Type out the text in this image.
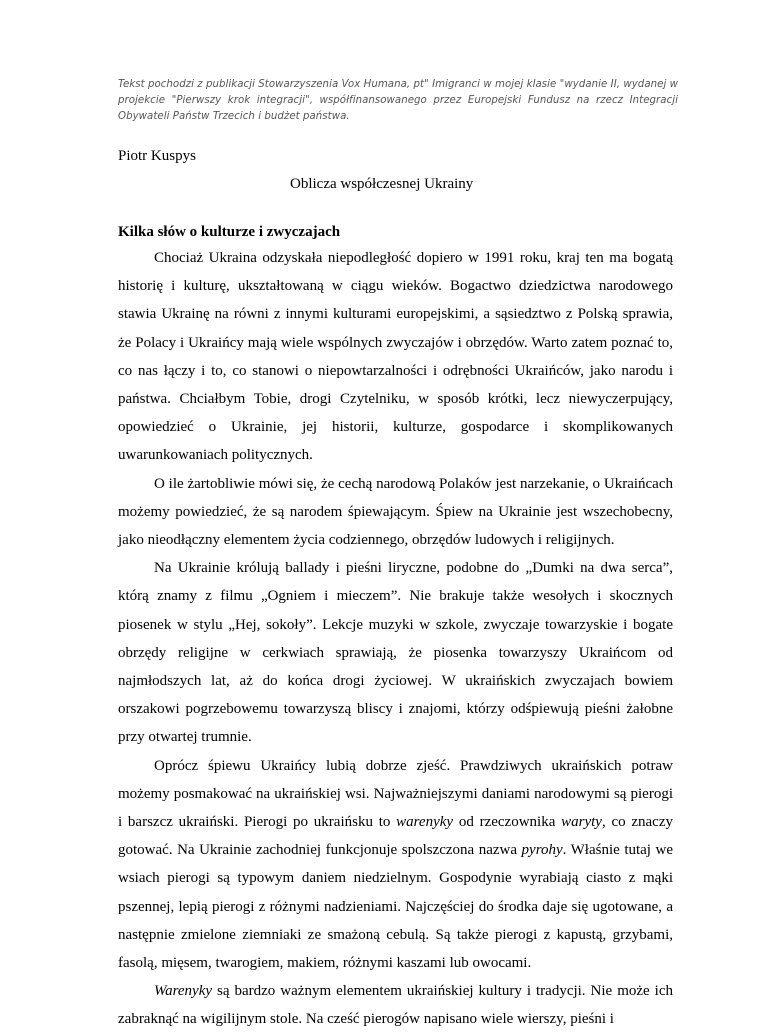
Tekst pochodzi z publikacji Stowarzyszenia Vox Humana, pt" Imigranci w mojej klasie "wydanie II, wydanej w projekcie "Pierwszy krok integracji", współfinansowanego przez Europejski Fundusz na rzecz Integracji Obywateli Państw Trzecich i budżet państwa.
Piotr Kuspys
Oblicza współczesnej Ukrainy
Kilka słów o kulturze i zwyczajach

Chociaż Ukraina odzyskała niepodległość dopiero w 1991 roku, kraj ten ma bogatą historię i kulturę, ukształtowaną w ciągu wieków. Bogactwo dziedzictwa narodowego stawia Ukrainę na równi z innymi kulturami europejskimi, a sąsiedztwo z Polską sprawia, że Polacy i Ukraińcy mają wiele wspólnych zwyczajów i obrzędów. Warto zatem poznać to, co nas łączy i to, co stanowi o niepowtarzalności i odrębności Ukraińców, jako narodu i państwa. Chciałbym Tobie, drogi Czytelniku, w sposób krótki, lecz niewyczerpujący, opowiedzieć o Ukrainie, jej historii, kulturze, gospodarce i skomplikowanych uwarunkowaniach politycznych.

O ile żartobliwie mówi się, że cechą narodową Polaków jest narzekanie, o Ukraińcach możemy powiedzieć, że są narodem śpiewającym. Śpiew na Ukrainie jest wszechobecny, jako nieodłączny elementem życia codziennego, obrzędów ludowych i religijnych.

Na Ukrainie królują ballady i pieśni liryczne, podobne do „Dumki na dwa serca”, którą znamy z filmu „Ogniem i mieczem”. Nie brakuje także wesołych i skocznych piosenek w stylu „Hej, sokoły”. Lekcje muzyki w szkole, zwyczaje towarzyskie i bogate obrzędy religijne w cerkwiach sprawiają, że piosenka towarzyszy Ukraińcom od najmłodszych lat, aż do końca drogi życiowej. W ukraińskich zwyczajach bowiem orszakowi pogrzebowemu towarzyszą bliscy i znajomi, którzy odśpiewują pieśni żałobne przy otwartej trumnie.

Oprócz śpiewu Ukraińcy lubią dobrze zjeść. Prawdziwych ukraińskich potraw możemy posmakować na ukraińskiej wsi. Najważniejszymi daniami narodowymi są pierogi i barszcz ukraiński. Pierogi po ukraińsku to warenyky od rzeczownika waryty, co znaczy gotować. Na Ukrainie zachodniej funkcjonuje spolszczona nazwa pyrohy. Właśnie tutaj we wsiach pierogi są typowym daniem niedzielnym. Gospodynie wyrabiają ciasto z mąki pszennej, lepią pierogi z różnymi nadzieniami. Najczęściej do środka daje się ugotowane, a następnie zmielone ziemniaki ze smażoną cebulą. Są także pierogi z kapustą, grzybami, fasolą, mięsem, twarogiem, makiem, różnymi kaszami lub owocami.

Warenyky są bardzo ważnym elementem ukraińskiej kultury i tradycji. Nie może ich zabraknąć na wigilijnym stole. Na cześć pierogów napisano wiele wierszy, pieśni i
